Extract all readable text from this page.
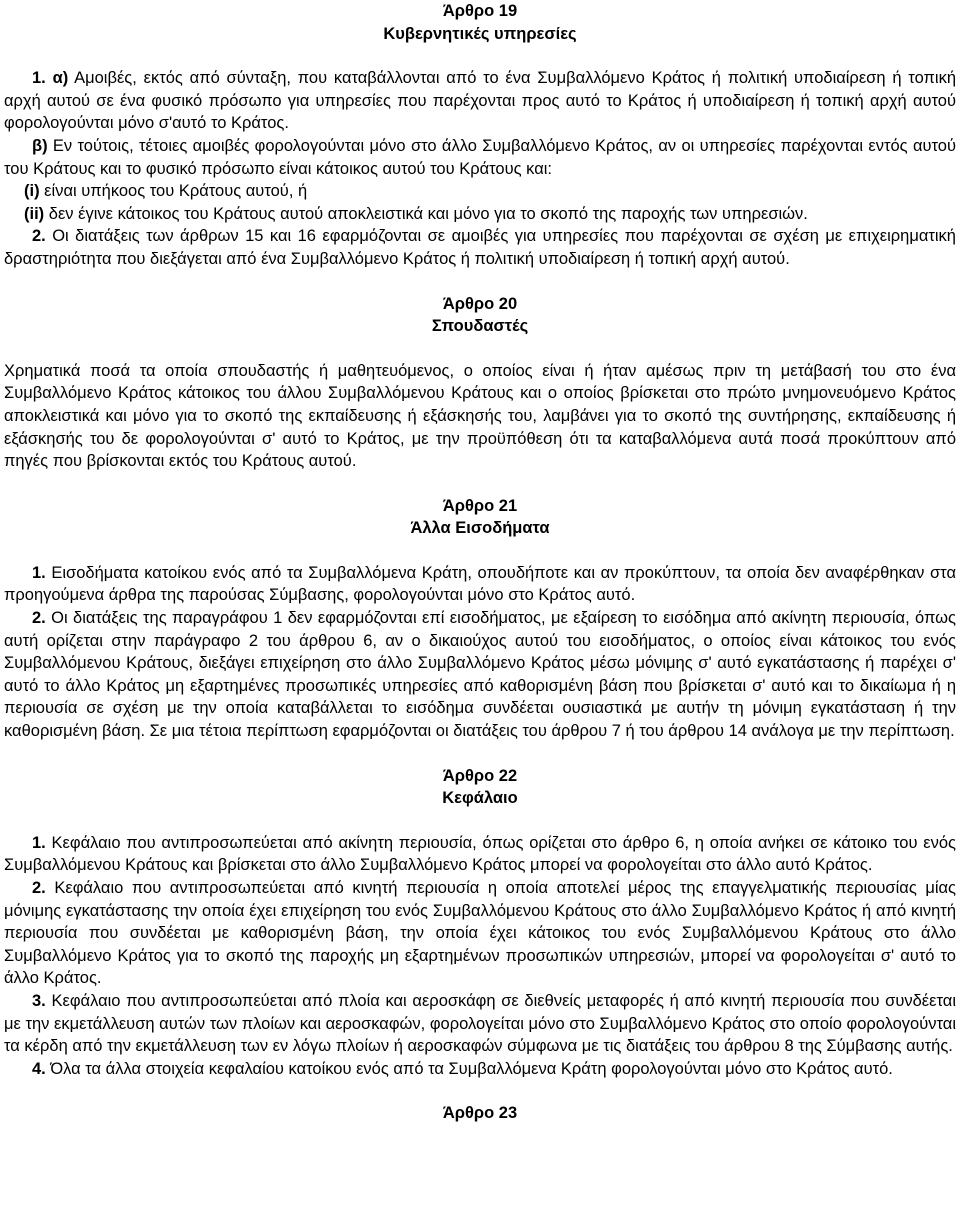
Άρθρο 19

Κυβερνητικές υπηρεσίες

1. α) Αμοιβές, εκτός από σύνταξη, που καταβάλλονται από το ένα Συμβαλλόμενο Κράτος ή πολιτική υποδιαίρεση ή τοπική αρχή αυτού σε ένα φυσικό πρόσωπο για υπηρεσίες που παρέχονται προς αυτό το Κράτος ή υποδιαίρεση ή τοπική αρχή αυτού φορολογούνται μόνο σ'αυτό το Κράτος.

β) Εν τούτοις, τέτοιες αμοιβές φορολογούνται μόνο στο άλλο Συμβαλλόμενο Κράτος, αν οι υπηρεσίες παρέχονται εντός αυτού του Κράτους και το φυσικό πρόσωπο είναι κάτοικος αυτού του Κράτους και:

(i) είναι υπήκοος του Κράτους αυτού, ή

(ii) δεν έγινε κάτοικος του Κράτους αυτού αποκλειστικά και μόνο για το σκοπό της παροχής των υπηρεσιών.

2. Οι διατάξεις των άρθρων 15 και 16 εφαρμόζονται σε αμοιβές για υπηρεσίες που παρέχονται σε σχέση με επιχειρηματική δραστηριότητα που διεξάγεται από ένα Συμβαλλόμενο Κράτος ή πολιτική υποδιαίρεση ή τοπική αρχή αυτού.

Άρθρο 20

Σπουδαστές

Χρηματικά ποσά τα οποία σπουδαστής ή μαθητευόμενος, ο οποίος είναι ή ήταν αμέσως πριν τη μετάβασή του στο ένα Συμβαλλόμενο Κράτος κάτοικος του άλλου Συμβαλλόμενου Κράτους και ο οποίος βρίσκεται στο πρώτο μνημονευόμενο Κράτος αποκλειστικά και μόνο για το σκοπό της εκπαίδευσης ή εξάσκησής του, λαμβάνει για το σκοπό της συντήρησης, εκπαίδευσης ή εξάσκησής του δε φορολογούνται σ' αυτό το Κράτος, με την προϋπόθεση ότι τα καταβαλλόμενα αυτά ποσά προκύπτουν από πηγές που βρίσκονται εκτός του Κράτους αυτού.

Άρθρο 21

Άλλα Εισοδήματα

1. Εισοδήματα κατοίκου ενός από τα Συμβαλλόμενα Κράτη, οπουδήποτε και αν προκύπτουν, τα οποία δεν αναφέρθηκαν στα προηγούμενα άρθρα της παρούσας Σύμβασης, φορολογούνται μόνο στο Κράτος αυτό.

2. Οι διατάξεις της παραγράφου 1 δεν εφαρμόζονται επί εισοδήματος, με εξαίρεση το εισόδημα από ακίνητη περιουσία, όπως αυτή ορίζεται στην παράγραφο 2 του άρθρου 6, αν ο δικαιούχος αυτού του εισοδήματος, ο οποίος είναι κάτοικος του ενός Συμβαλλόμενου Κράτους, διεξάγει επιχείρηση στο άλλο Συμβαλλόμενο Κράτος μέσω μόνιμης σ' αυτό εγκατάστασης ή παρέχει σ' αυτό το άλλο Κράτος μη εξαρτημένες προσωπικές υπηρεσίες από καθορισμένη βάση που βρίσκεται σ' αυτό και το δικαίωμα ή η περιουσία σε σχέση με την οποία καταβάλλεται το εισόδημα συνδέεται ουσιαστικά με αυτήν τη μόνιμη εγκατάσταση ή την καθορισμένη βάση. Σε μια τέτοια περίπτωση εφαρμόζονται οι διατάξεις του άρθρου 7 ή του άρθρου 14 ανάλογα με την περίπτωση.

Άρθρο 22

Κεφάλαιο

1. Κεφάλαιο που αντιπροσωπεύεται από ακίνητη περιουσία, όπως ορίζεται στο άρθρο 6, η οποία ανήκει σε κάτοικο του ενός Συμβαλλόμενου Κράτους και βρίσκεται στο άλλο Συμβαλλόμενο Κράτος μπορεί να φορολογείται στο άλλο αυτό Κράτος.

2. Κεφάλαιο που αντιπροσωπεύεται από κινητή περιουσία η οποία αποτελεί μέρος της επαγγελματικής περιουσίας μίας μόνιμης εγκατάστασης την οποία έχει επιχείρηση του ενός Συμβαλλόμενου Κράτους στο άλλο Συμβαλλόμενο Κράτος ή από κινητή περιουσία που συνδέεται με καθορισμένη βάση, την οποία έχει κάτοικος του ενός Συμβαλλόμενου Κράτους στο άλλο Συμβαλλόμενο Κράτος για το σκοπό της παροχής μη εξαρτημένων προσωπικών υπηρεσιών, μπορεί να φορολογείται σ' αυτό το άλλο Κράτος.

3. Κεφάλαιο που αντιπροσωπεύεται από πλοία και αεροσκάφη σε διεθνείς μεταφορές ή από κινητή περιουσία που συνδέεται με την εκμετάλλευση αυτών των πλοίων και αεροσκαφών, φορολογείται μόνο στο Συμβαλλόμενο Κράτος στο οποίο φορολογούνται τα κέρδη από την εκμετάλλευση των εν λόγω πλοίων ή αεροσκαφών σύμφωνα με τις διατάξεις του άρθρου 8 της Σύμβασης αυτής.

4. Όλα τα άλλα στοιχεία κεφαλαίου κατοίκου ενός από τα Συμβαλλόμενα Κράτη φορολογούνται μόνο στο Κράτος αυτό.

Άρθρο 23
